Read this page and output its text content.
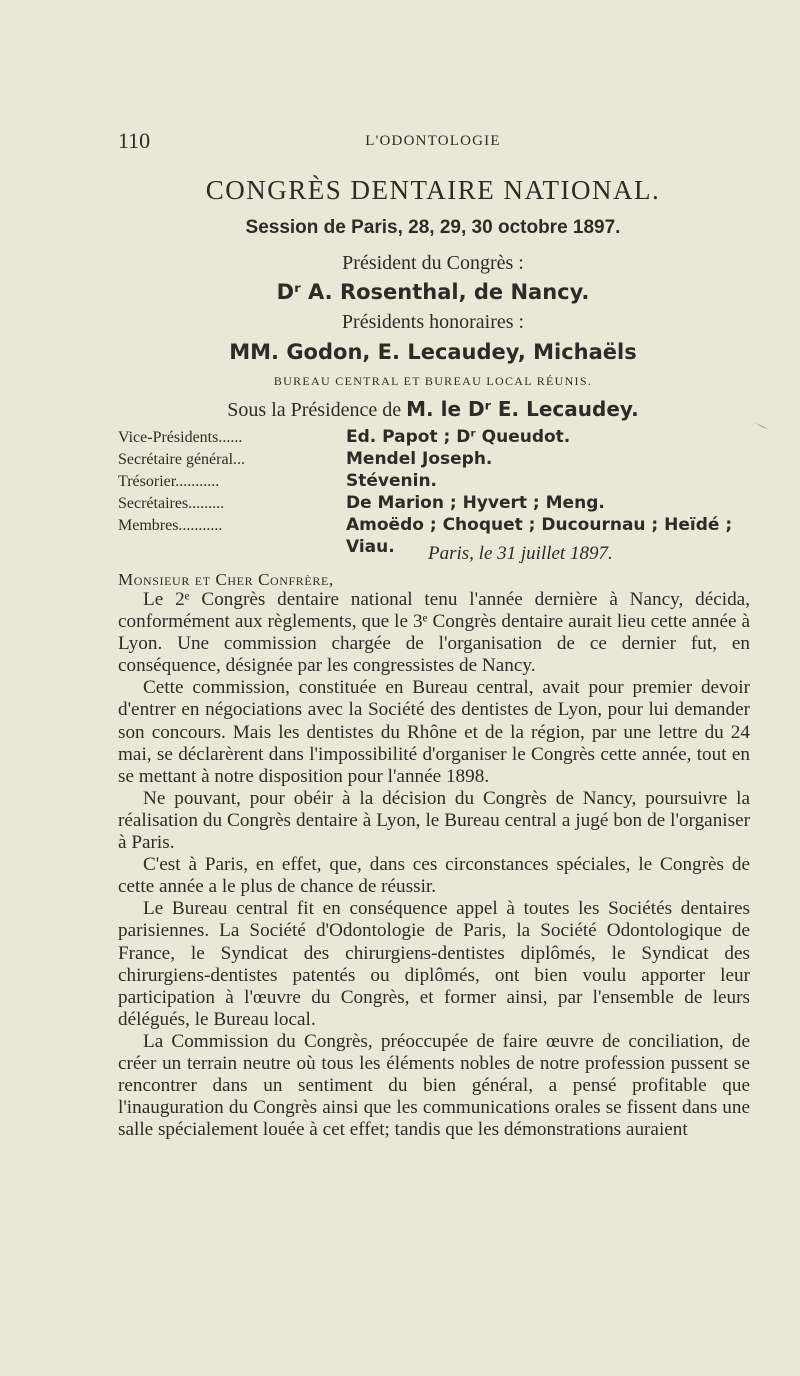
110	L'ODONTOLOGIE
CONGRÈS DENTAIRE NATIONAL.
Session de Paris, 28, 29, 30 octobre 1897.
Président du Congrès :
Dʳ A. Rosenthal, de Nancy.
Présidents honoraires :
MM. Godon, E. Lecaudey, Michaëls
BUREAU CENTRAL ET BUREAU LOCAL RÉUNIS.
Sous la Présidence de M. le Dʳ E. Lecaudey.
Vice-Présidents......	Ed. Papot ; Dʳ Queudot.
Secrétaire général...	Mendel Joseph.
Trésorier...........	Stévenin.
Secrétaires.........	De Marion ; Hyvert ; Meng.
Membres...........	Amoëdo ; Choquet ; Ducournau ; Heïdé ;
Viau. Paris, le 31 juillet 1897.
Monsieur et Cher Confrère,

Le 2ᵉ Congrès dentaire national tenu l'année dernière à Nancy, décida, conformément aux règlements, que le 3ᵉ Congrès dentaire aurait lieu cette année à Lyon. Une commission chargée de l'organisation de ce dernier fut, en conséquence, désignée par les congressistes de Nancy.

Cette commission, constituée en Bureau central, avait pour premier devoir d'entrer en négociations avec la Société des dentistes de Lyon, pour lui demander son concours. Mais les dentistes du Rhône et de la région, par une lettre du 24 mai, se déclarèrent dans l'impossibilité d'organiser le Congrès cette année, tout en se mettant à notre disposition pour l'année 1898.

Ne pouvant, pour obéir à la décision du Congrès de Nancy, poursuivre la réalisation du Congrès dentaire à Lyon, le Bureau central a jugé bon de l'organiser à Paris.

C'est à Paris, en effet, que, dans ces circonstances spéciales, le Congrès de cette année a le plus de chance de réussir.

Le Bureau central fit en conséquence appel à toutes les Sociétés dentaires parisiennes. La Société d'Odontologie de Paris, la Société Odontologique de France, le Syndicat des chirurgiens-dentistes diplômés, le Syndicat des chirurgiens-dentistes patentés ou diplômés, ont bien voulu apporter leur participation à l'œuvre du Congrès, et former ainsi, par l'ensemble de leurs délégués, le Bureau local.

La Commission du Congrès, préoccupée de faire œuvre de conciliation, de créer un terrain neutre où tous les éléments nobles de notre profession pussent se rencontrer dans un sentiment du bien général, a pensé profitable que l'inauguration du Congrès ainsi que les communications orales se fissent dans une salle spécialement louée à cet effet; tandis que les démonstrations auraient
